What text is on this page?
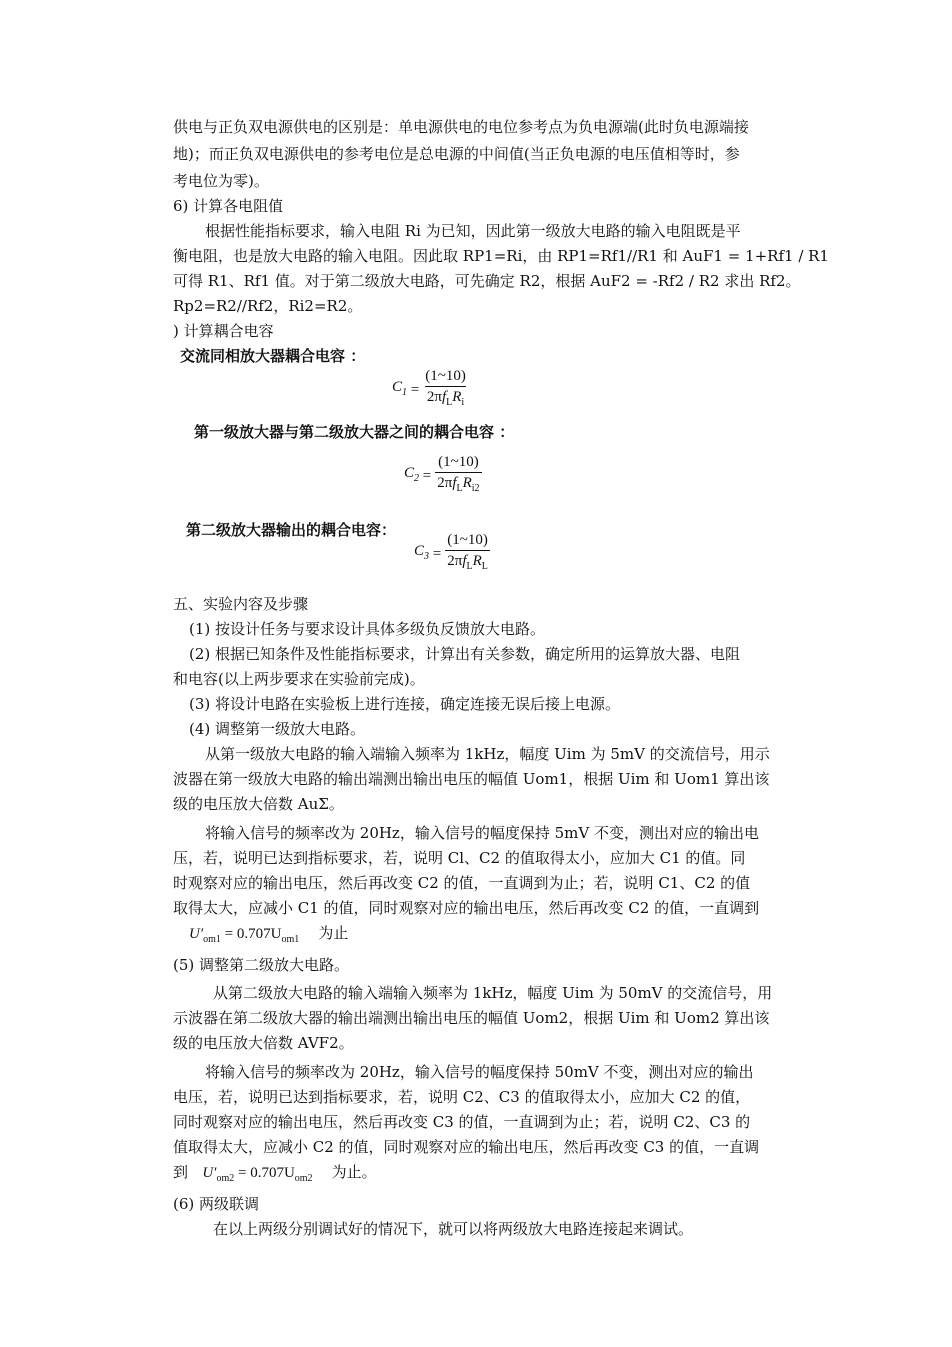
供电与正负双电源供电的区别是：单电源供电的电位参考点为负电源端(此时负电源端接

地)；而正负双电源供电的参考电位是总电源的中间值(当正负电源的电压值相等时，参

考电位为零)。

6) 计算各电阻值

根据性能指标要求，输入电阻 Ri 为已知，因此第一级放大电路的输入电阻既是平

衡电阻，也是放大电路的输入电阻。因此取 RP1=Ri，由 RP1=Rf1//R1 和 AuF1 = 1+Rf1 / R1

可得 R1、Rf1 值。对于第二级放大电路，可先确定 R2，根据 AuF2 = -Rf2 / R2 求出 Rf2。

Rp2=R2//Rf2，Ri2=R2。

) 计算耦合电容

交流同相放大器耦合电容 ：
$C_1 = \frac{(1\sim 10)}{2\pi f_LR_i}$
第一级放大器与第二级放大器之间的耦合电容 ：
$C_2 = \frac{(1\sim 10)}{2\pi f_LR_{i2}}$
第二级放大器输出的耦合电容：
$C_3 = \frac{(1\sim 10)}{2\pi f_LR_L}$

五、实验内容及步骤

(1) 按设计任务与要求设计具体多级负反馈放大电路。

(2) 根据已知条件及性能指标要求，计算出有关参数，确定所用的运算放大器、电阻

和电容(以上两步要求在实验前完成)。

(3) 将设计电路在实验板上进行连接，确定连接无误后接上电源。

(4) 调整第一级放大电路。

从第一级放大电路的输入端输入频率为 1kHz，幅度 Uim 为 5mV 的交流信号，用示

波器在第一级放大电路的输出端测出输出电压的幅值 Uom1，根据 Uim 和 Uom1 算出该

级的电压放大倍数 AuΣ。

将输入信号的频率改为 20Hz，输入信号的幅度保持 5mV 不变，测出对应的输出电

压，若，说明已达到指标要求，若，说明 Cl、C2 的值取得太小，应加大 C1 的值。同

时观察对应的输出电压，然后再改变 C2 的值，一直调到为止；若，说明 C1、C2 的值

取得太大，应减小 C1 的值，同时观察对应的输出电压，然后再改变 C2 的值，一直调到

$U'_{om1} = 0.707U_{om1}$ 为止

(5) 调整第二级放大电路。

从第二级放大电路的输入端输入频率为 1kHz，幅度 Uim 为 50mV 的交流信号，用

示波器在第二级放大器的输出端测出输出电压的幅值 Uom2，根据 Uim 和 Uom2 算出该

级的电压放大倍数 AVF2。

将输入信号的频率改为 20Hz，输入信号的幅度保持 50mV 不变，测出对应的输出

电压，若，说明已达到指标要求，若，说明 C2、C3 的值取得太小，应加大 C2 的值，

同时观察对应的输出电压，然后再改变 C3 的值，一直调到为止；若，说明 C2、C3 的

值取得太大，应减小 C2 的值，同时观察对应的输出电压，然后再改变 C3 的值，一直调

到 $U'_{om2} = 0.707U_{om2}$ 为止。

(6) 两级联调

在以上两级分别调试好的情况下，就可以将两级放大电路连接起来调试。
